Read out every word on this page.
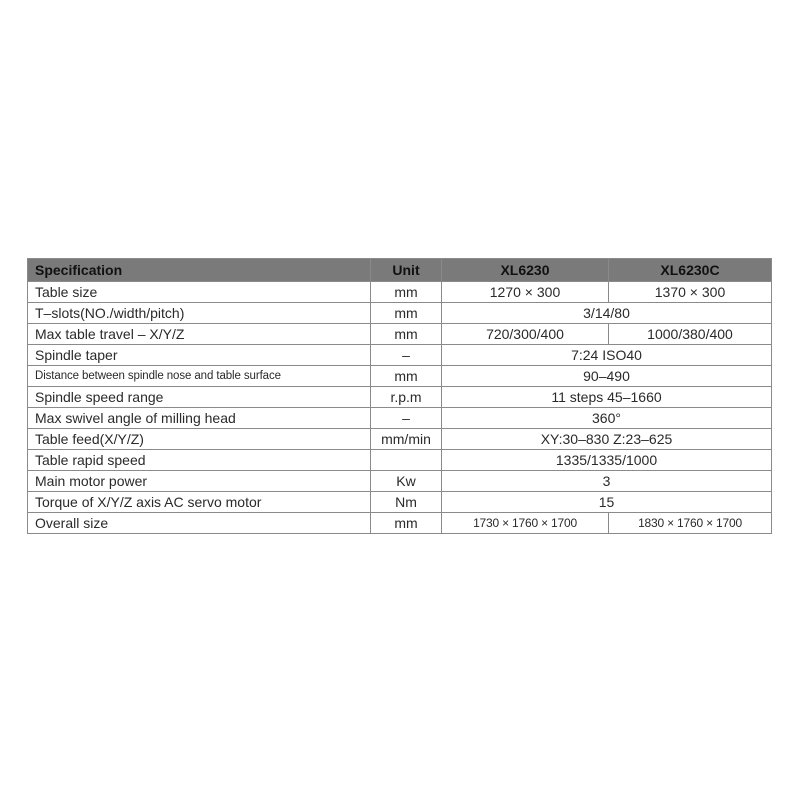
Specification	Unit	XL6230	XL6230C
Table size	mm	1270 × 300	1370 × 300
T–slots(NO./width/pitch)	mm	3/14/80	
Max table travel – X/Y/Z	mm	720/300/400	1000/380/400
Spindle taper	–	7:24 ISO40	
Distance between spindle nose and table surface	mm	90–490	
Spindle speed range	r.p.m	11 steps 45–1660	
Max swivel angle of milling head	–	360°	
Table feed(X/Y/Z)	mm/min	XY:30–830 Z:23–625	
Table rapid speed		1335/1335/1000	
Main motor power	Kw	3	
Torque of X/Y/Z axis AC servo motor	Nm	15	
Overall size	mm	1730 × 1760 × 1700	1830 × 1760 × 1700
